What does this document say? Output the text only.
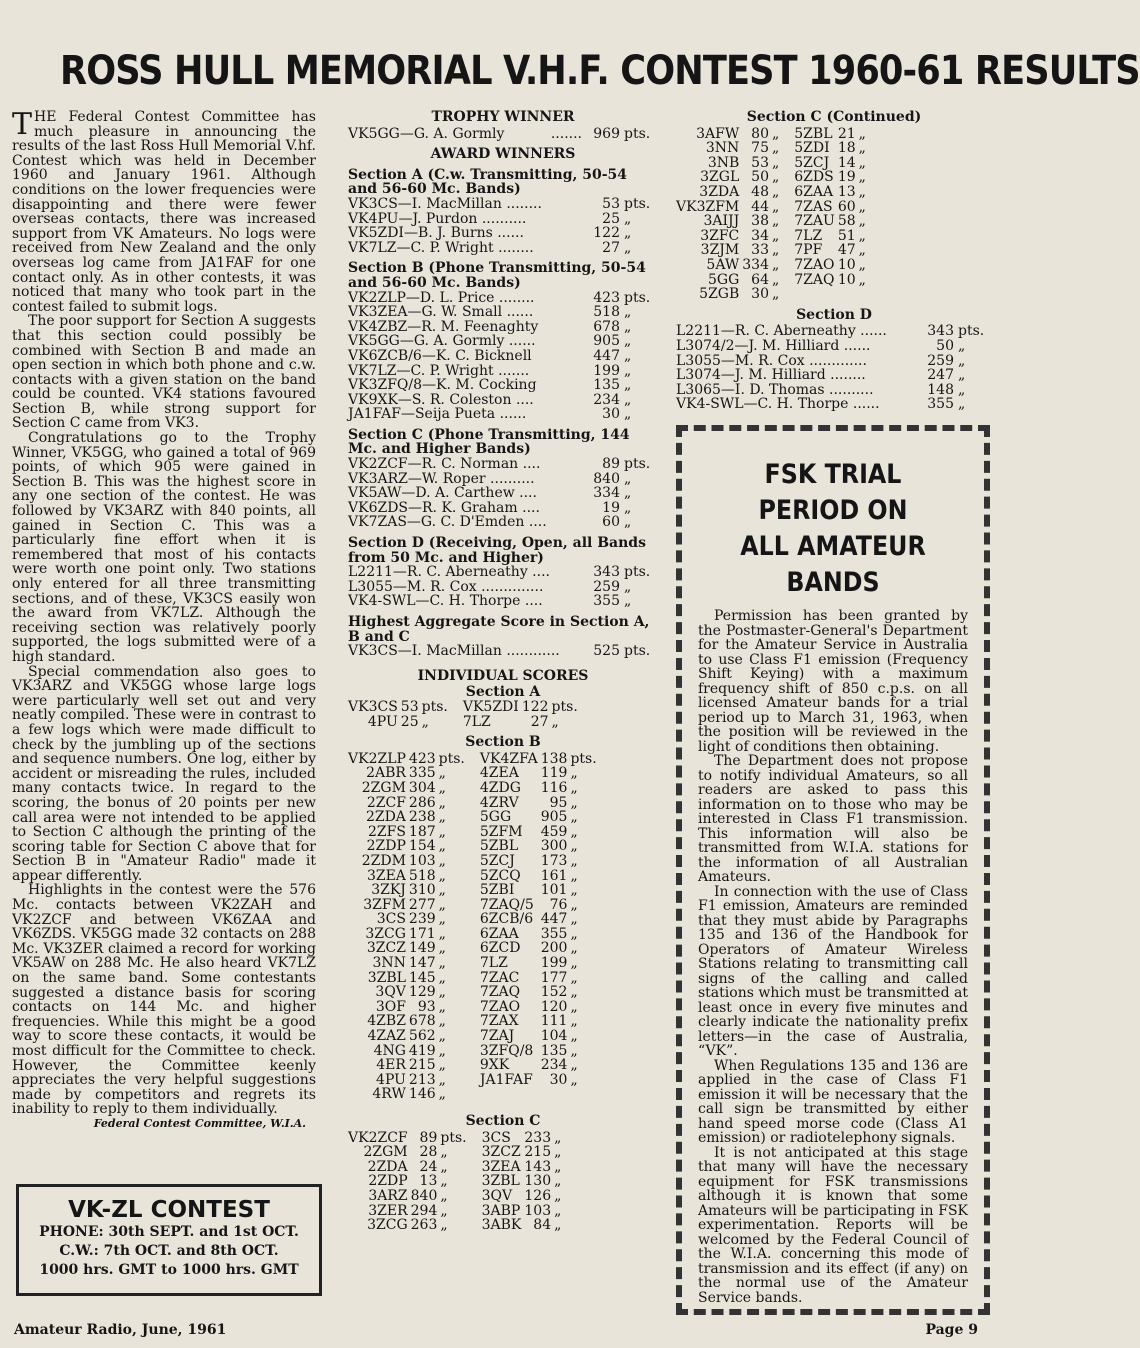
ROSS HULL MEMORIAL V.H.F. CONTEST 1960-61 RESULTS

THE Federal Contest Committee has much pleasure in announcing the results of the last Ross Hull Memorial V.hf. Contest which was held in December 1960 and January 1961. Although conditions on the lower frequencies were disappointing and there were fewer overseas contacts, there was increased support from VK Amateurs. No logs were received from New Zealand and the only overseas log came from JA1FAF for one contact only. As in other contests, it was noticed that many who took part in the contest failed to submit logs.

The poor support for Section A suggests that this section could possibly be combined with Section B and made an open section in which both phone and c.w. contacts with a given station on the band could be counted. VK4 stations favoured Section B, while strong support for Section C came from VK3.

Congratulations go to the Trophy Winner, VK5GG, who gained a total of 969 points, of which 905 were gained in Section B. This was the highest score in any one section of the contest. He was followed by VK3ARZ with 840 points, all gained in Section C. This was a particularly fine effort when it is remembered that most of his contacts were worth one point only. Two stations only entered for all three transmitting sections, and of these, VK3CS easily won the award from VK7LZ. Although the receiving section was relatively poorly supported, the logs submitted were of a high standard.

Special commendation also goes to VK3ARZ and VK5GG whose large logs were particularly well set out and very neatly compiled. These were in contrast to a few logs which were made difficult to check by the jumbling up of the sections and sequence numbers. One log, either by accident or misreading the rules, included many contacts twice. In regard to the scoring, the bonus of 20 points per new call area were not intended to be applied to Section C although the printing of the scoring table for Section C above that for Section B in "Amateur Radio" made it appear differently.

Highlights in the contest were the 576 Mc. contacts between VK2ZAH and VK2ZCF and between VK6ZAA and VK6ZDS. VK5GG made 32 contacts on 288 Mc. VK3ZER claimed a record for working VK5AW on 288 Mc. He also heard VK7LZ on the same band. Some contestants suggested a distance basis for scoring contacts on 144 Mc. and higher frequencies. While this might be a good way to score these contacts, it would be most difficult for the Committee to check. However, the Committee keenly appreciates the very helpful suggestions made by competitors and regrets its inability to reply to them individually.

Federal Contest Committee, W.I.A.
VK-ZL CONTEST
PHONE: 30th SEPT. and 1st OCT.
C.W.: 7th OCT. and 8th OCT.
1000 hrs. GMT to 1000 hrs. GMT
TROPHY WINNER
VK5GG—G. A. Gormly	....... 969 pts.
AWARD WINNERS
Section A (C.w. Transmitting, 50-54 and 56-60 Mc. Bands)
VK3CS—I. MacMillan ........	53 pts.
VK4PU—J. Purdon ..........	25 „
VK5ZDI—B. J. Burns ......	122 „
VK7LZ—C. P. Wright ........	27 „
Section B (Phone Transmitting, 50-54 and 56-60 Mc. Bands)
VK2ZLP—D. L. Price ........	423 pts.
VK3ZEA—G. W. Small ......	518 „
VK4ZBZ—R. M. Feenaghty	678 „
VK5GG—G. A. Gormly ......	905 „
VK6ZCB/6—K. C. Bicknell	447 „
VK7LZ—C. P. Wright .......	199 „
VK3ZFQ/8—K. M. Cocking	135 „
VK9XK—S. R. Coleston ....	234 „
JA1FAF—Seija Pueta ......	30 „
Section C (Phone Transmitting, 144 Mc. and Higher Bands)
VK2ZCF—R. C. Norman ....	89 pts.
VK3ARZ—W. Roper ..........	840 „
VK5AW—D. A. Carthew ....	334 „
VK6ZDS—R. K. Graham ....	19 „
VK7ZAS—G. C. D'Emden ....	60 „
Section D (Receiving, Open, all Bands from 50 Mc. and Higher)
L2211—R. C. Aberneathy ....	343 pts.
L3055—M. R. Cox ..............	259 „
VK4-SWL—C. H. Thorpe ....	355 „
Highest Aggregate Score in Section A, B and C
VK3CS—I. MacMillan ............	525 pts.
INDIVIDUAL SCORES
Section A
VK3CS	53	pts.	VK5ZDI	122	pts.
4PU	25	„	7LZ	27	„
Section B
VK2ZLP	423	pts.	VK4ZFA	138	pts.
2ABR	335	„	4ZEA	119	„
2ZGM	304	„	4ZDG	116	„
2ZCF	286	„	4ZRV	95	„
2ZDA	238	„	5GG	905	„
2ZFS	187	„	5ZFM	459	„
2ZDP	154	„	5ZBL	300	„
2ZDM	103	„	5ZCJ	173	„
3ZEA	518	„	5ZCQ	161	„
3ZKJ	310	„	5ZBI	101	„
3ZFM	277	„	7ZAQ/5	76	„
3CS	239	„	6ZCB/6	447	„
3ZCG	171	„	6ZAA	355	„
3ZCZ	149	„	6ZCD	200	„
3NN	147	„	7LZ	199	„
3ZBL	145	„	7ZAC	177	„
3QV	129	„	7ZAQ	152	„
3OF	93	„	7ZAO	120	„
4ZBZ	678	„	7ZAX	111	„
4ZAZ	562	„	7ZAJ	104	„
4NG	419	„	3ZFQ/8	135	„
4ER	215	„	9XK	234	„
4PU	213	„	JA1FAF	30	„
4RW	146	„			
Section C
VK2ZCF	89	pts.	3CS	233	„
2ZGM	28	„	3ZCZ	215	„
2ZDA	24	„	3ZEA	143	„
2ZDP	13	„	3ZBL	130	„
3ARZ	840	„	3QV	126	„
3ZER	294	„	3ABP	103	„
3ZCG	263	„	3ABK	84	„
Section C (Continued)
3AFW	80	„	5ZBL	21	„
3NN	75	„	5ZDI	18	„
3NB	53	„	5ZCJ	14	„
3ZGL	50	„	6ZDS	19	„
3ZDA	48	„	6ZAA	13	„
VK3ZFM	44	„	7ZAS	60	„
3AIJJ	38	„	7ZAU	58	„
3ZFC	34	„	7LZ	51	„
3ZJM	33	„	7PF	47	„
5AW	334	„	7ZAO	10	„
5GG	64	„	7ZAQ	10	„
5ZGB	30	„			
Section D
L2211—R. C. Aberneathy ......	343 pts.
L3074/2—J. M. Hilliard ......	50 „
L3055—M. R. Cox .............	259 „
L3074—J. M. Hilliard ........	247 „
L3065—I. D. Thomas ..........	148 „
VK4-SWL—C. H. Thorpe ......	355 „
FSK TRIAL PERIOD ON
ALL AMATEUR BANDS

Permission has been granted by the Postmaster-General's Department for the Amateur Service in Australia to use Class F1 emission (Frequency Shift Keying) with a maximum frequency shift of 850 c.p.s. on all licensed Amateur bands for a trial period up to March 31, 1963, when the position will be reviewed in the light of conditions then obtaining.

The Department does not propose to notify individual Amateurs, so all readers are asked to pass this information on to those who may be interested in Class F1 transmission. This information will also be transmitted from W.I.A. stations for the information of all Australian Amateurs.

In connection with the use of Class F1 emission, Amateurs are reminded that they must abide by Paragraphs 135 and 136 of the Handbook for Operators of Amateur Wireless Stations relating to transmitting call signs of the calling and called stations which must be transmitted at least once in every five minutes and clearly indicate the nationality prefix letters—in the case of Australia, “VK”.

When Regulations 135 and 136 are applied in the case of Class F1 emission it will be necessary that the call sign be transmitted by either hand speed morse code (Class A1 emission) or radiotelephony signals.

It is not anticipated at this stage that many will have the necessary equipment for FSK transmissions although it is known that some Amateurs will be participating in FSK experimentation. Reports will be welcomed by the Federal Council of the W.I.A. concerning this mode of transmission and its effect (if any) on the normal use of the Amateur Service bands.

Amateur Radio, June, 1961	Page 9
